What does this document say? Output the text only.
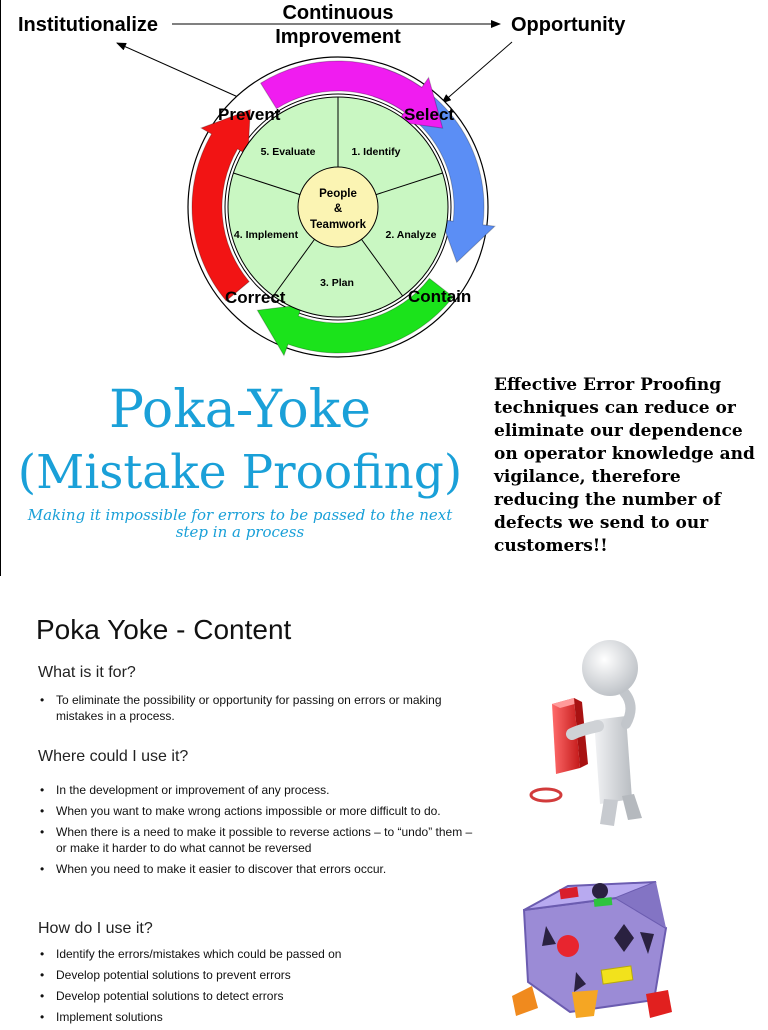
Institutionalize
Continuous Improvement
Opportunity
5. Evaluate	1. Identify
2. Analyze
3. Plan
4. Implement
People
&
Teamwork
Prevent	Select
Contain
Correct
Poka-Yoke
(Mistake Proofing)
Making it impossible for errors to be passed to the next step in a process
Effective Error Proofing techniques can reduce or eliminate our dependence on operator knowledge and vigilance, therefore reducing the number of defects we send to our customers!!
Poka Yoke - Content
What is it for?
• To eliminate the possibility or opportunity for passing on errors or making mistakes in a process.
Where could I use it?
• In the development or improvement of any process.
• When you want to make wrong actions impossible or more difficult to do.
• When there is a need to make it possible to reverse actions – to “undo” them – or make it harder to do what cannot be reversed
• When you need to make it easier to discover that errors occur.
How do I use it?
• Identify the errors/mistakes which could be passed on
• Develop potential solutions to prevent errors
• Develop potential solutions to detect errors
• Implement solutions
